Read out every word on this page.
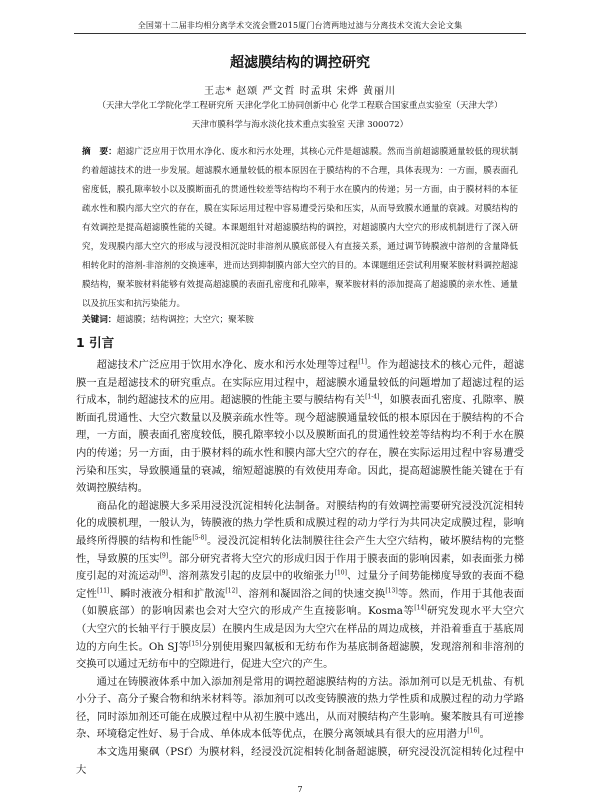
全国第十二届非均相分离学术交流会暨2015厦门台湾两地过滤与分离技术交流大会论文集
超滤膜结构的调控研究
王志* 赵颂 严文哲 时孟琪 宋烨 黄丽川
（天津大学化工学院化学工程研究所 天津化学化工协同创新中心 化学工程联合国家重点实验室（天津大学）
天津市膜科学与海水淡化技术重点实验室 天津 300072）
摘　要：超滤广泛应用于饮用水净化、废水和污水处理，其核心元件是超滤膜。然而当前超滤膜通量较低的现状制约着超滤技术的进一步发展。超滤膜水通量较低的根本原因在于膜结构的不合理，具体表现为：一方面，膜表面孔密度低，膜孔隙率较小以及膜断面孔的贯通性较差等结构均不利于水在膜内的传递；另一方面，由于膜材料的本征疏水性和膜内部大空穴的存在，膜在实际运用过程中容易遭受污染和压实，从而导致膜水通量的衰减。对膜结构的有效调控是提高超滤膜性能的关键。本课题组针对超滤膜结构的调控，对超滤膜内大空穴的形成机制进行了深入研究，发现膜内部大空穴的形成与浸没相沉淀时非溶剂从膜底部侵入有直接关系，通过调节铸膜液中溶剂的含量降低相转化时的溶剂-非溶剂的交换速率，进而达到抑制膜内部大空穴的目的。本课题组还尝试利用聚苯胺材料调控超滤膜结构，聚苯胺材料能够有效提高超滤膜的表面孔密度和孔隙率，聚苯胺材料的添加提高了超滤膜的亲水性、通量以及抗压实和抗污染能力。
关键词：超滤膜；结构调控；大空穴；聚苯胺
1 引言

超滤技术广泛应用于饮用水净化、废水和污水处理等过程[1]。作为超滤技术的核心元件，超滤膜一直是超滤技术的研究重点。在实际应用过程中，超滤膜水通量较低的问题增加了超滤过程的运行成本，制约超滤技术的应用。超滤膜的性能主要与膜结构有关[1-4]，如膜表面孔密度、孔隙率、膜断面孔贯通性、大空穴数量以及膜亲疏水性等。现今超滤膜通量较低的根本原因在于膜结构的不合理，一方面，膜表面孔密度较低，膜孔隙率较小以及膜断面孔的贯通性较差等结构均不利于水在膜内的传递；另一方面，由于膜材料的疏水性和膜内部大空穴的存在，膜在实际运用过程中容易遭受污染和压实，导致膜通量的衰减，缩短超滤膜的有效使用寿命。因此，提高超滤膜性能关键在于有效调控膜结构。

商品化的超滤膜大多采用浸没沉淀相转化法制备。对膜结构的有效调控需要研究浸没沉淀相转化的成膜机理，一般认为，铸膜液的热力学性质和成膜过程的动力学行为共同决定成膜过程，影响最终所得膜的结构和性能[5-8]。浸没沉淀相转化法制膜往往会产生大空穴结构，破坏膜结构的完整性，导致膜的压实[9]。部分研究者将大空穴的形成归因于作用于膜表面的影响因素，如表面张力梯度引起的对流运动[9]、溶剂蒸发引起的皮层中的收缩张力[10]、过量分子间势能梯度导致的表面不稳定性[11]、瞬时液液分相和扩散流[12]、溶剂和凝固浴之间的快速交换[13]等。然而，作用于其他表面（如膜底部）的影响因素也会对大空穴的形成产生直接影响。Kosma等[14]研究发现水平大空穴（大空穴的长轴平行于膜皮层）在膜内生成是因为大空穴在样品的周边成核，并沿着垂直于基底周边的方向生长。Oh SJ等[15]分别使用聚四氟板和无纺布作为基底制备超滤膜，发现溶剂和非溶剂的交换可以通过无纺布中的空隙进行，促进大空穴的产生。

通过在铸膜液体系中加入添加剂是常用的调控超滤膜结构的方法。添加剂可以是无机盐、有机小分子、高分子聚合物和纳米材料等。添加剂可以改变铸膜液的热力学性质和成膜过程的动力学路径，同时添加剂还可能在成膜过程中从初生膜中逃出，从而对膜结构产生影响。聚苯胺具有可逆掺杂、环境稳定性好、易于合成、单体成本低等优点，在膜分离领域具有很大的应用潜力[16]。

本文选用聚砜（PSf）为膜材料，经浸没沉淀相转化制备超滤膜，研究浸没沉淀相转化过程中大

7
